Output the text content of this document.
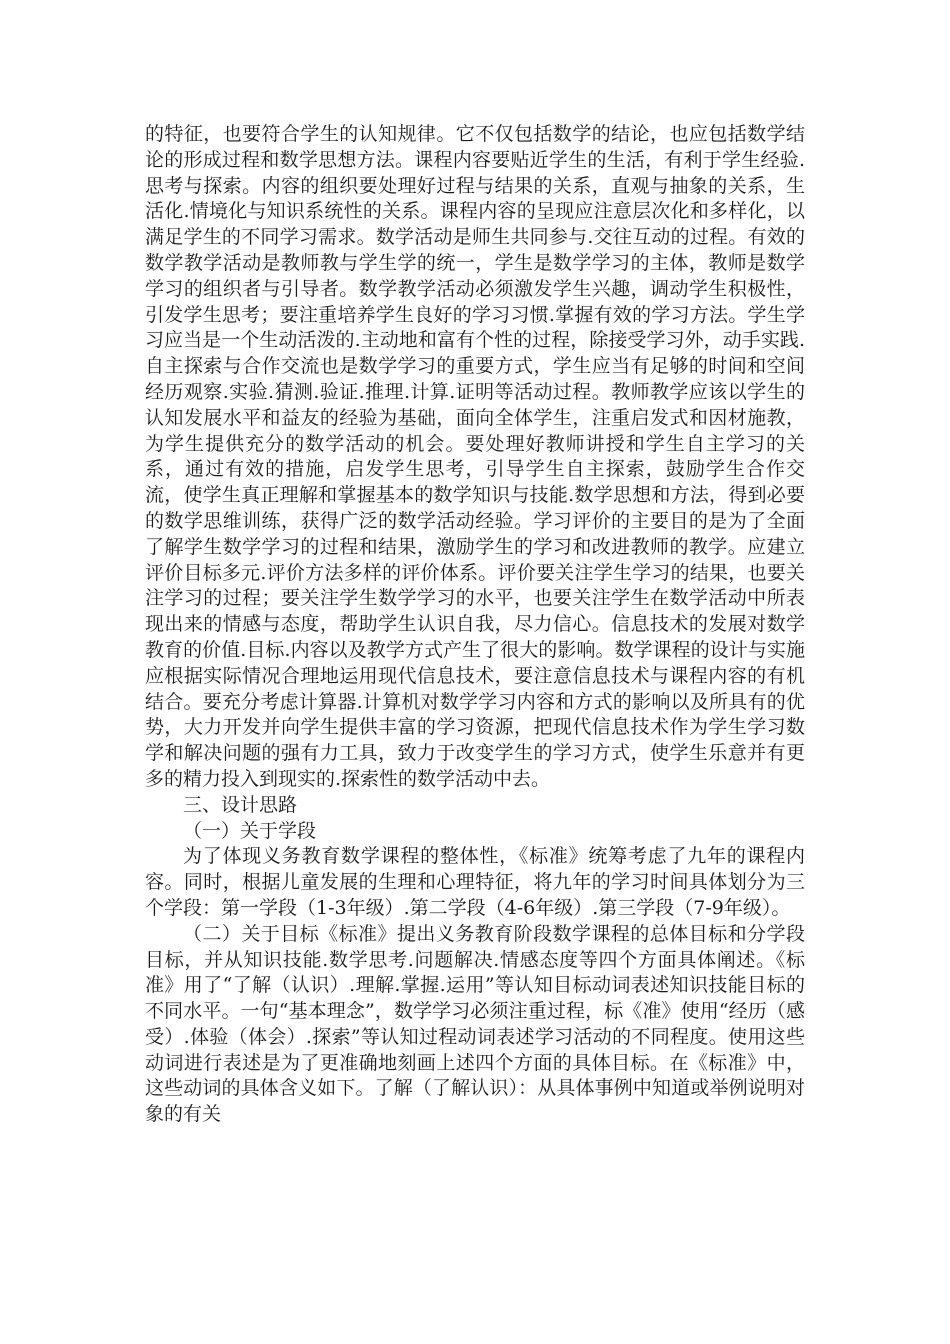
的特征，也要符合学生的认知规律。它不仅包括数学的结论，也应包括数学结论的形成过程和数学思想方法。课程内容要贴近学生的生活，有利于学生经验.思考与探索。内容的组织要处理好过程与结果的关系，直观与抽象的关系，生活化.情境化与知识系统性的关系。课程内容的呈现应注意层次化和多样化，以满足学生的不同学习需求。数学活动是师生共同参与.交往互动的过程。有效的数学教学活动是教师教与学生学的统一，学生是数学学习的主体，教师是数学学习的组织者与引导者。数学教学活动必须激发学生兴趣，调动学生积极性，引发学生思考；要注重培养学生良好的学习习惯.掌握有效的学习方法。学生学习应当是一个生动活泼的.主动地和富有个性的过程，除接受学习外，动手实践.自主探索与合作交流也是数学学习的重要方式，学生应当有足够的时间和空间经历观察.实验.猜测.验证.推理.计算.证明等活动过程。教师教学应该以学生的认知发展水平和益友的经验为基础，面向全体学生，注重启发式和因材施教，为学生提供充分的数学活动的机会。要处理好教师讲授和学生自主学习的关系，通过有效的措施，启发学生思考，引导学生自主探索，鼓励学生合作交流，使学生真正理解和掌握基本的数学知识与技能.数学思想和方法，得到必要的数学思维训练，获得广泛的数学活动经验。学习评价的主要目的是为了全面了解学生数学学习的过程和结果，激励学生的学习和改进教师的教学。应建立评价目标多元.评价方法多样的评价体系。评价要关注学生学习的结果，也要关注学习的过程；要关注学生数学学习的水平，也要关注学生在数学活动中所表现出来的情感与态度，帮助学生认识自我，尽力信心。信息技术的发展对数学教育的价值.目标.内容以及教学方式产生了很大的影响。数学课程的设计与实施应根据实际情况合理地运用现代信息技术，要注意信息技术与课程内容的有机结合。要充分考虑计算器.计算机对数学学习内容和方式的影响以及所具有的优势，大力开发并向学生提供丰富的学习资源，把现代信息技术作为学生学习数学和解决问题的强有力工具，致力于改变学生的学习方式，使学生乐意并有更多的精力投入到现实的.探索性的数学活动中去。

三、设计思路

（一）关于学段

为了体现义务教育数学课程的整体性，《标准》统筹考虑了九年的课程内容。同时，根据儿童发展的生理和心理特征，将九年的学习时间具体划分为三个学段：第一学段（1-3年级）.第二学段（4-6年级）.第三学段（7-9年级）。

（二）关于目标《标准》提出义务教育阶段数学课程的总体目标和分学段目标，并从知识技能.数学思考.问题解决.情感态度等四个方面具体阐述。《标准》用了“了解（认识）.理解.掌握.运用”等认知目标动词表述知识技能目标的不同水平。一句“基本理念”，数学学习必须注重过程，标《准》使用“经历（感受）.体验（体会）.探索”等认知过程动词表述学习活动的不同程度。使用这些动词进行表述是为了更准确地刻画上述四个方面的具体目标。在《标准》中，这些动词的具体含义如下。了解（了解认识）：从具体事例中知道或举例说明对象的有关
